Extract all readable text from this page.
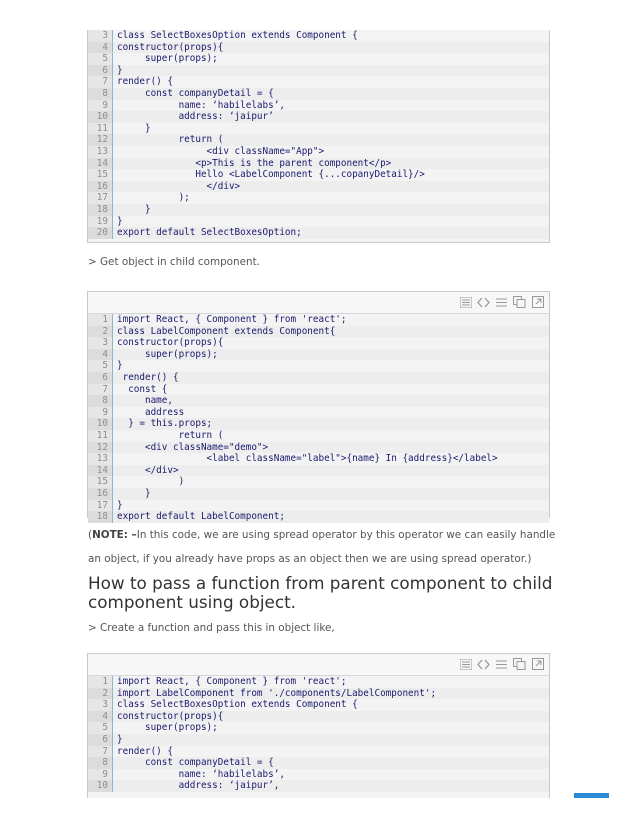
3 class SelectBoxesOption extends Component {
4 constructor(props){
5 super(props);
6 }
7 render() {
8 const companyDetail = {
9 name: ‘habilelabs’,
10 address: ‘jaipur’
11 }
12 return (
13 <div className="App">
14 <p>This is the parent component</p>
15 Hello <LabelComponent {...copanyDetail}/>
16 </div>
17 );
18 }
19 }
20 export default SelectBoxesOption;
> Get object in child component.
1 import React, { Component } from 'react';
2 class LabelComponent extends Component{
3 constructor(props){
4 super(props);
5 }
6 render() {
7 const {
8 name,
9 address
10 } = this.props;
11 return (
12 <div className="demo">
13 <label className="label">{name} In {address}</label>
14 </div>
15 )
16 }
17 }
18 export default LabelComponent;
(NOTE: –In this code, we are using spread operator by this operator we can easily handle
an object, if you already have props as an object then we are using spread operator.)
How to pass a function from parent component to child component using object.
> Create a function and pass this in object like,
1 import React, { Component } from 'react';
2 import LabelComponent from './components/LabelComponent';
3 class SelectBoxesOption extends Component {
4 constructor(props){
5 super(props);
6 }
7 render() {
8 const companyDetail = {
9 name: ‘habilelabs’,
10 address: ‘jaipur’,
